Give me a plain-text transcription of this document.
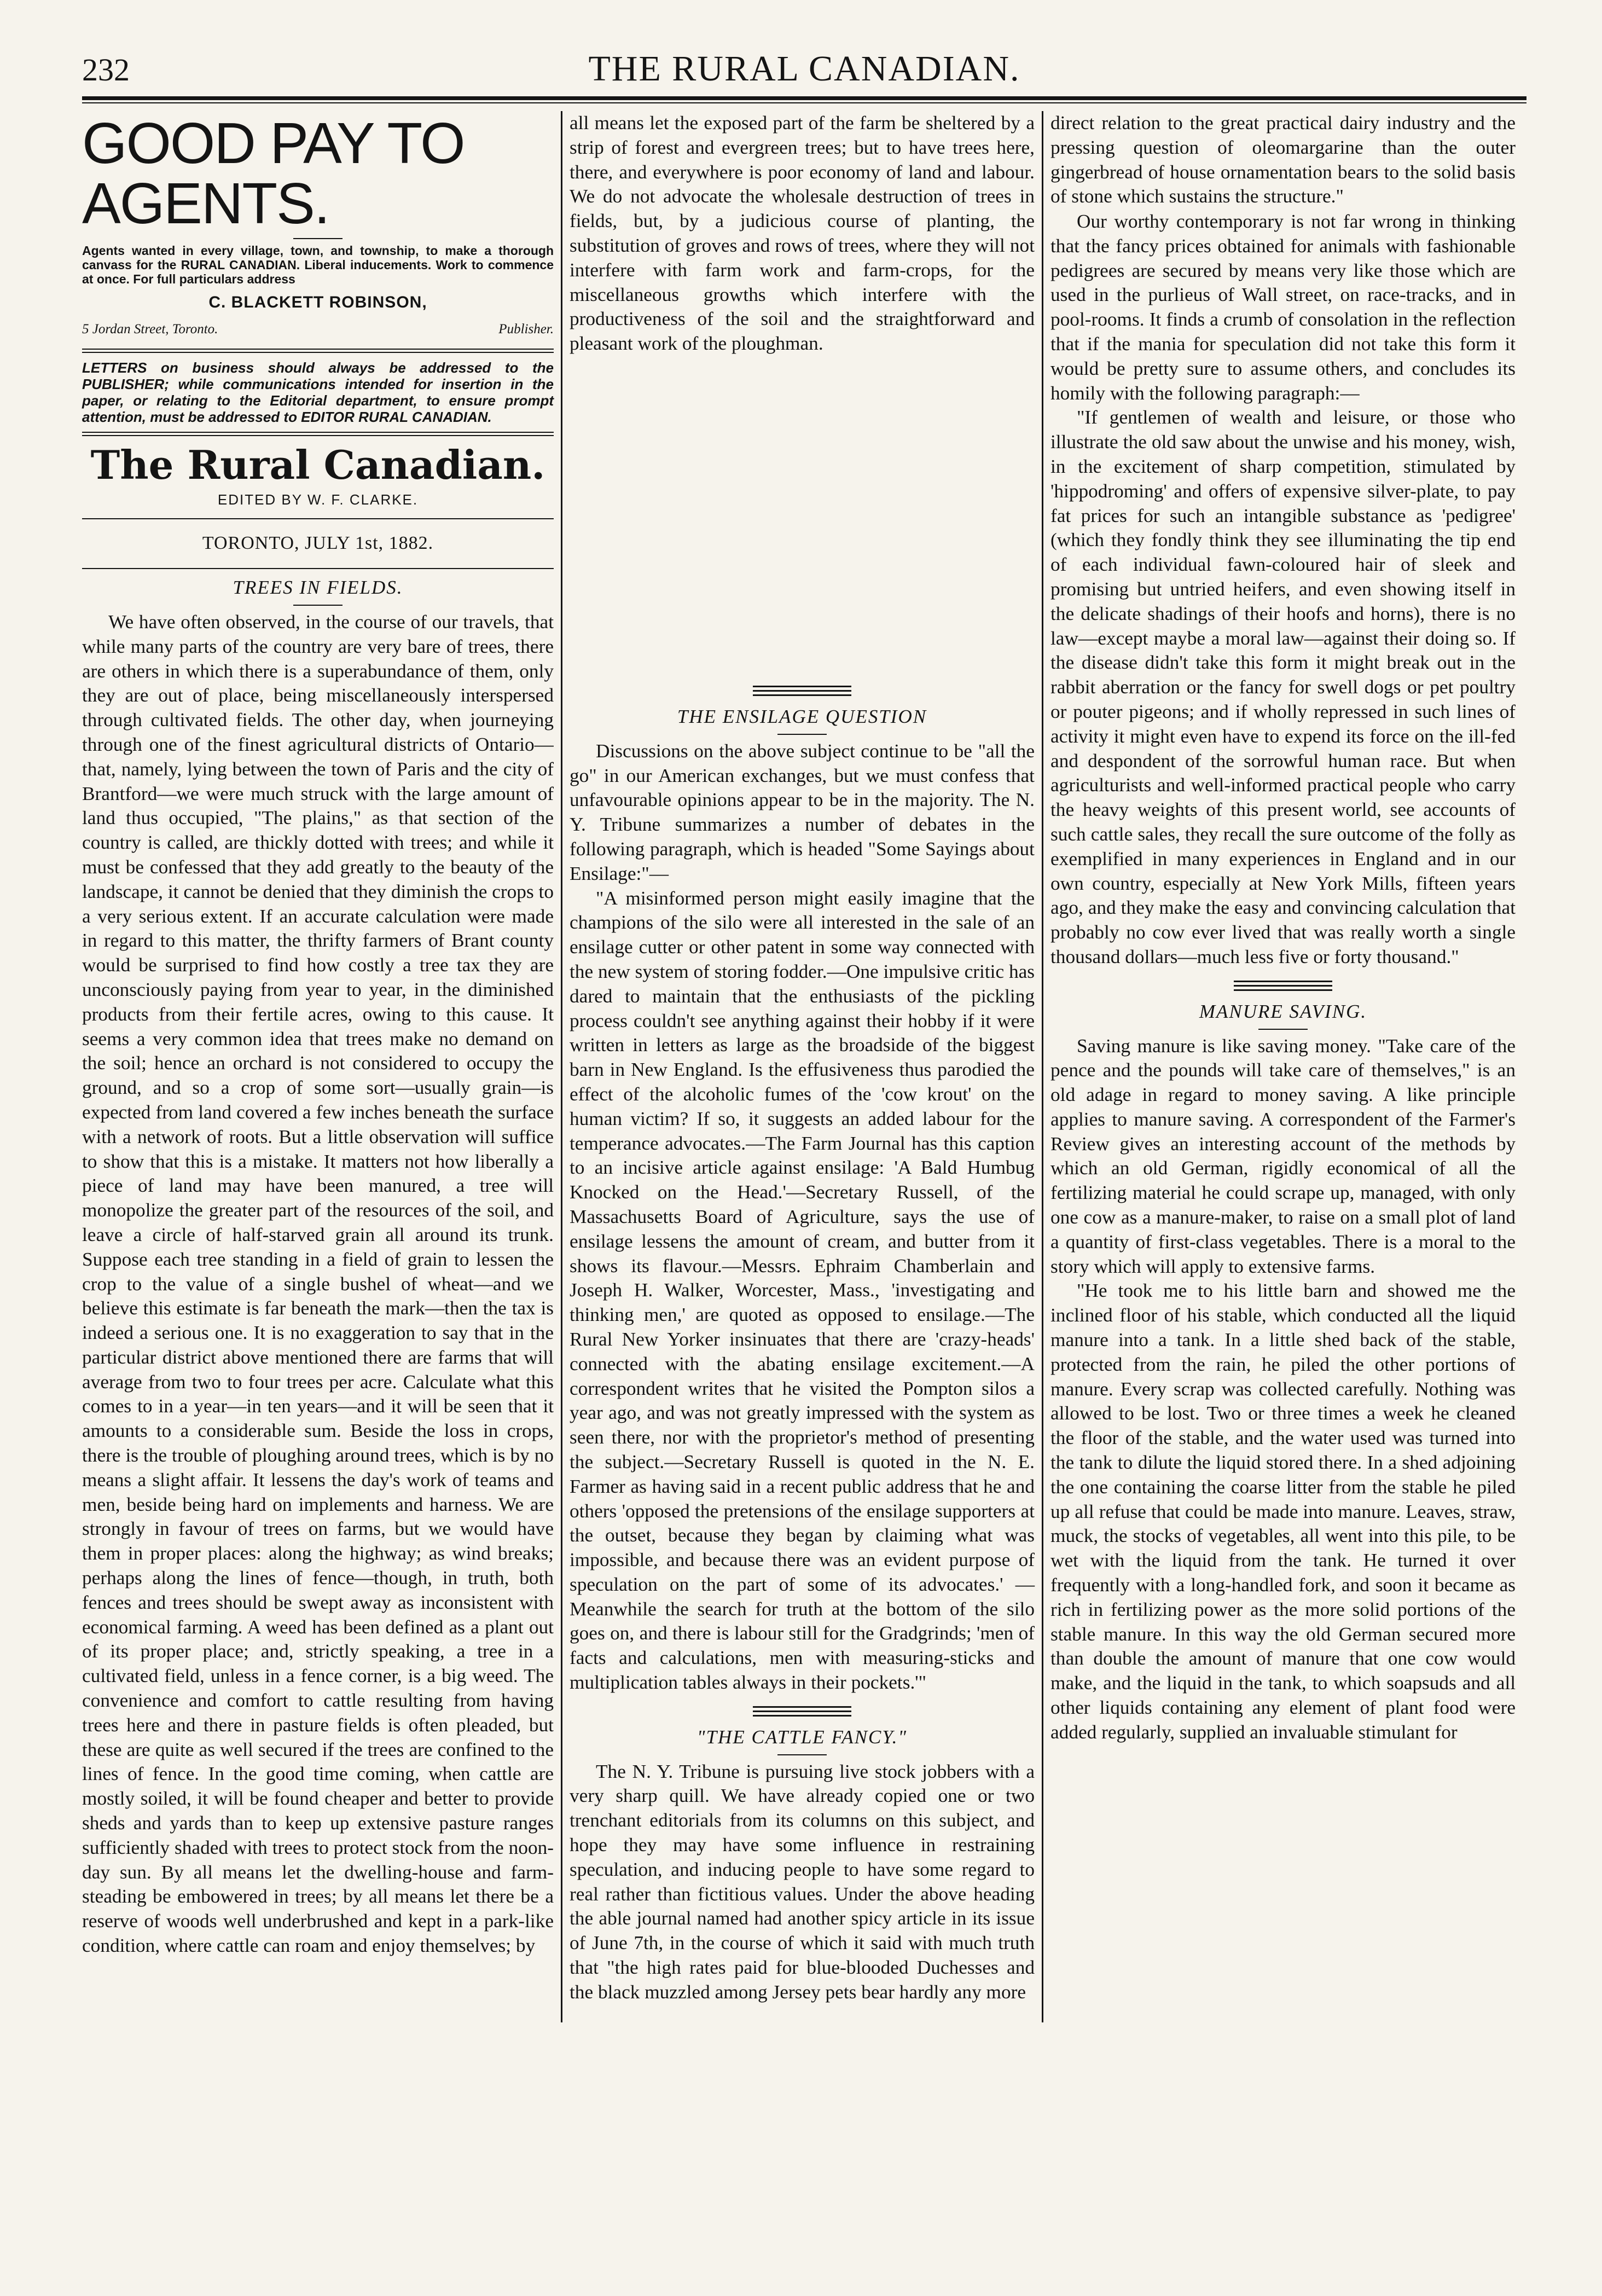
232	THE RURAL CANADIAN.
GOOD PAY TO AGENTS.
Agents wanted in every village, town, and township, to make a thorough canvass for the RURAL CANADIAN. Liberal inducements. Work to commence at once. For full particulars address
C. BLACKETT ROBINSON,
5 Jordan Street, Toronto.	Publisher.
LETTERS on business should always be addressed to the PUBLISHER; while communications intended for insertion in the paper, or relating to the Editorial department, to ensure prompt attention, must be addressed to EDITOR RURAL CANADIAN.
The Rural Canadian.
EDITED BY W. F. CLARKE.
TORONTO, JULY 1st, 1882.
TREES IN FIELDS.

We have often observed, in the course of our travels, that while many parts of the country are very bare of trees, there are others in which there is a superabundance of them, only they are out of place, being miscellaneously interspersed through cultivated fields. The other day, when journeying through one of the finest agricultural districts of Ontario—that, namely, lying between the town of Paris and the city of Brantford—we were much struck with the large amount of land thus occupied, "The plains," as that section of the country is called, are thickly dotted with trees; and while it must be confessed that they add greatly to the beauty of the landscape, it cannot be denied that they diminish the crops to a very serious extent. If an accurate calculation were made in regard to this matter, the thrifty farmers of Brant county would be surprised to find how costly a tree tax they are unconsciously paying from year to year, in the diminished products from their fertile acres, owing to this cause. It seems a very common idea that trees make no demand on the soil; hence an orchard is not considered to occupy the ground, and so a crop of some sort—usually grain—is expected from land covered a few inches beneath the surface with a network of roots. But a little observation will suffice to show that this is a mistake. It matters not how liberally a piece of land may have been manured, a tree will monopolize the greater part of the resources of the soil, and leave a circle of half-starved grain all around its trunk. Suppose each tree standing in a field of grain to lessen the crop to the value of a single bushel of wheat—and we believe this estimate is far beneath the mark—then the tax is indeed a serious one. It is no exaggeration to say that in the particular district above mentioned there are farms that will average from two to four trees per acre. Calculate what this comes to in a year—in ten years—and it will be seen that it amounts to a considerable sum. Beside the loss in crops, there is the trouble of ploughing around trees, which is by no means a slight affair. It lessens the day's work of teams and men, beside being hard on implements and harness. We are strongly in favour of trees on farms, but we would have them in proper places: along the highway; as wind breaks; perhaps along the lines of fence—though, in truth, both fences and trees should be swept away as inconsistent with economical farming. A weed has been defined as a plant out of its proper place; and, strictly speaking, a tree in a cultivated field, unless in a fence corner, is a big weed. The convenience and comfort to cattle resulting from having trees here and there in pasture fields is often pleaded, but these are quite as well secured if the trees are confined to the lines of fence. In the good time coming, when cattle are mostly soiled, it will be found cheaper and better to provide sheds and yards than to keep up extensive pasture ranges sufficiently shaded with trees to protect stock from the noon-day sun. By all means let the dwelling-house and farm-steading be embowered in trees; by all means let there be a reserve of woods well underbrushed and kept in a park-like condition, where cattle can roam and enjoy themselves; by

all means let the exposed part of the farm be sheltered by a strip of forest and evergreen trees; but to have trees here, there, and everywhere is poor economy of land and labour. We do not advocate the wholesale destruction of trees in fields, but, by a judicious course of planting, the substitution of groves and rows of trees, where they will not interfere with farm work and farm-crops, for the miscellaneous growths which interfere with the productiveness of the soil and the straightforward and pleasant work of the ploughman.
THE ENSILAGE QUESTION

Discussions on the above subject continue to be "all the go" in our American exchanges, but we must confess that unfavourable opinions appear to be in the majority. The N. Y. Tribune summarizes a number of debates in the following paragraph, which is headed "Some Sayings about Ensilage:"—

"A misinformed person might easily imagine that the champions of the silo were all interested in the sale of an ensilage cutter or other patent in some way connected with the new system of storing fodder.—One impulsive critic has dared to maintain that the enthusiasts of the pickling process couldn't see anything against their hobby if it were written in letters as large as the broadside of the biggest barn in New England. Is the effusiveness thus parodied the effect of the alcoholic fumes of the 'cow krout' on the human victim? If so, it suggests an added labour for the temperance advocates.—The Farm Journal has this caption to an incisive article against ensilage: 'A Bald Humbug Knocked on the Head.'—Secretary Russell, of the Massachusetts Board of Agriculture, says the use of ensilage lessens the amount of cream, and butter from it shows its flavour.—Messrs. Ephraim Chamberlain and Joseph H. Walker, Worcester, Mass., 'investigating and thinking men,' are quoted as opposed to ensilage.—The Rural New Yorker insinuates that there are 'crazy-heads' connected with the abating ensilage excitement.—A correspondent writes that he visited the Pompton silos a year ago, and was not greatly impressed with the system as seen there, nor with the proprietor's method of presenting the subject.—Secretary Russell is quoted in the N. E. Farmer as having said in a recent public address that he and others 'opposed the pretensions of the ensilage supporters at the outset, because they began by claiming what was impossible, and because there was an evident purpose of speculation on the part of some of its advocates.' —Meanwhile the search for truth at the bottom of the silo goes on, and there is labour still for the Gradgrinds; 'men of facts and calculations, men with measuring-sticks and multiplication tables always in their pockets.'"

"THE CATTLE FANCY."

The N. Y. Tribune is pursuing live stock jobbers with a very sharp quill. We have already copied one or two trenchant editorials from its columns on this subject, and hope they may have some influence in restraining speculation, and inducing people to have some regard to real rather than fictitious values. Under the above heading the able journal named had another spicy article in its issue of June 7th, in the course of which it said with much truth that "the high rates paid for blue-blooded Duchesses and the black muzzled among Jersey pets bear hardly any more

direct relation to the great practical dairy industry and the pressing question of oleomargarine than the outer gingerbread of house ornamentation bears to the solid basis of stone which sustains the structure."

Our worthy contemporary is not far wrong in thinking that the fancy prices obtained for animals with fashionable pedigrees are secured by means very like those which are used in the purlieus of Wall street, on race-tracks, and in pool-rooms. It finds a crumb of consolation in the reflection that if the mania for speculation did not take this form it would be pretty sure to assume others, and concludes its homily with the following paragraph:—

"If gentlemen of wealth and leisure, or those who illustrate the old saw about the unwise and his money, wish, in the excitement of sharp competition, stimulated by 'hippodroming' and offers of expensive silver-plate, to pay fat prices for such an intangible substance as 'pedigree' (which they fondly think they see illuminating the tip end of each individual fawn-coloured hair of sleek and promising but untried heifers, and even showing itself in the delicate shadings of their hoofs and horns), there is no law—except maybe a moral law—against their doing so. If the disease didn't take this form it might break out in the rabbit aberration or the fancy for swell dogs or pet poultry or pouter pigeons; and if wholly repressed in such lines of activity it might even have to expend its force on the ill-fed and despondent of the sorrowful human race. But when agriculturists and well-informed practical people who carry the heavy weights of this present world, see accounts of such cattle sales, they recall the sure outcome of the folly as exemplified in many experiences in England and in our own country, especially at New York Mills, fifteen years ago, and they make the easy and convincing calculation that probably no cow ever lived that was really worth a single thousand dollars—much less five or forty thousand."

MANURE SAVING.

Saving manure is like saving money. "Take care of the pence and the pounds will take care of themselves," is an old adage in regard to money saving. A like principle applies to manure saving. A correspondent of the Farmer's Review gives an interesting account of the methods by which an old German, rigidly economical of all the fertilizing material he could scrape up, managed, with only one cow as a manure-maker, to raise on a small plot of land a quantity of first-class vegetables. There is a moral to the story which will apply to extensive farms.

"He took me to his little barn and showed me the inclined floor of his stable, which conducted all the liquid manure into a tank. In a little shed back of the stable, protected from the rain, he piled the other portions of manure. Every scrap was collected carefully. Nothing was allowed to be lost. Two or three times a week he cleaned the floor of the stable, and the water used was turned into the tank to dilute the liquid stored there. In a shed adjoining the one containing the coarse litter from the stable he piled up all refuse that could be made into manure. Leaves, straw, muck, the stocks of vegetables, all went into this pile, to be wet with the liquid from the tank. He turned it over frequently with a long-handled fork, and soon it became as rich in fertilizing power as the more solid portions of the stable manure. In this way the old German secured more than double the amount of manure that one cow would make, and the liquid in the tank, to which soapsuds and all other liquids containing any element of plant food were added regularly, supplied an invaluable stimulant for
